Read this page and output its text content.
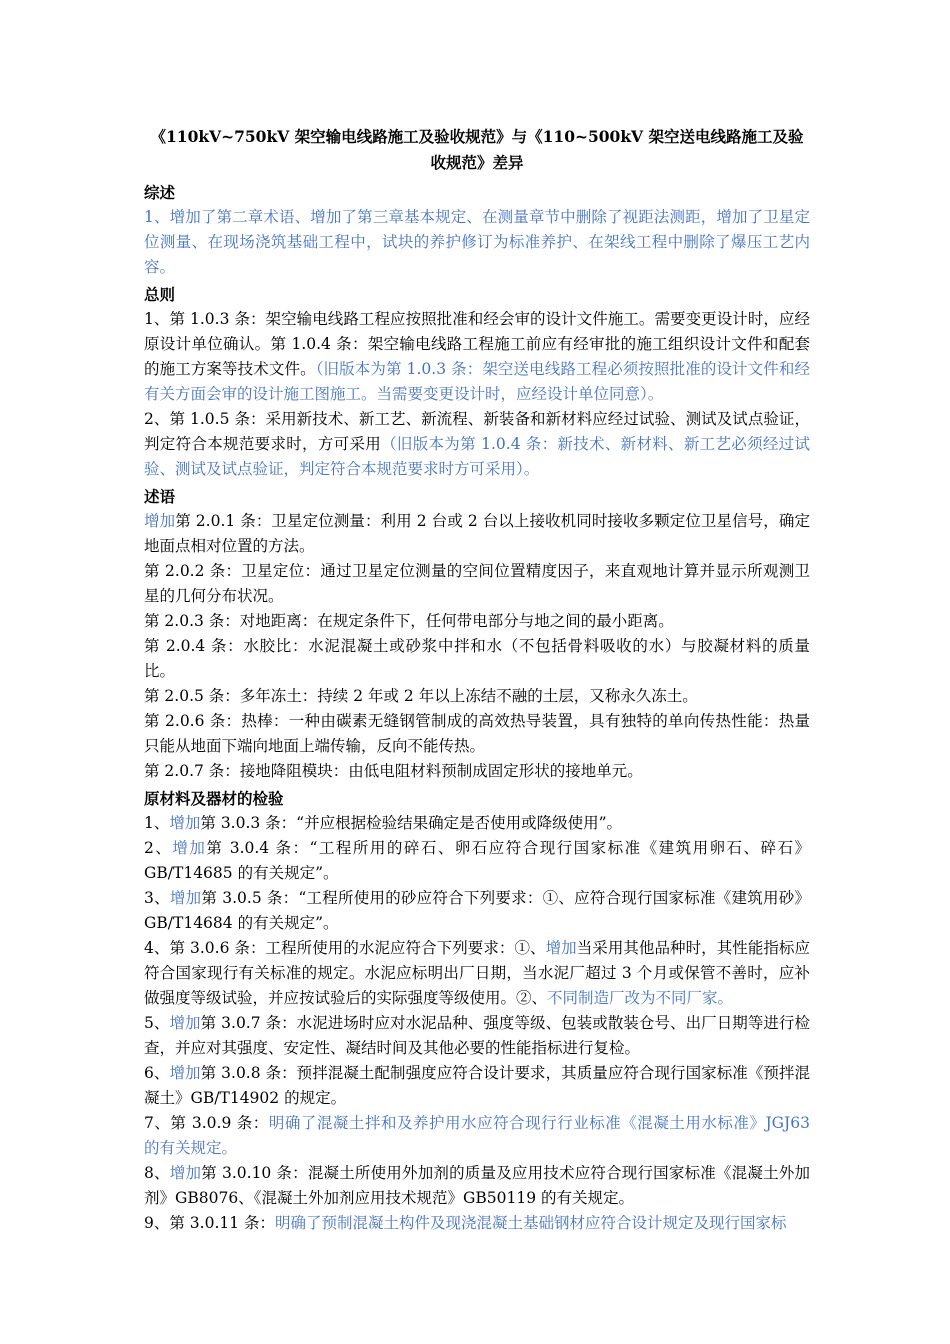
《110kV~750kV 架空输电线路施工及验收规范》与《110~500kV 架空送电线路施工及验收规范》差异
综述

1、增加了第二章术语、增加了第三章基本规定、在测量章节中删除了视距法测距，增加了卫星定位测量、在现场浇筑基础工程中，试块的养护修订为标准养护、在架线工程中删除了爆压工艺内容。

总则

1、第 1.0.3 条：架空输电线路工程应按照批准和经会审的设计文件施工。需要变更设计时，应经原设计单位确认。第 1.0.4 条：架空输电线路工程施工前应有经审批的施工组织设计文件和配套的施工方案等技术文件。（旧版本为第 1.0.3 条：架空送电线路工程必须按照批准的设计文件和经有关方面会审的设计施工图施工。当需要变更设计时，应经设计单位同意）。

2、第 1.0.5 条：采用新技术、新工艺、新流程、新装备和新材料应经过试验、测试及试点验证，判定符合本规范要求时，方可采用（旧版本为第 1.0.4 条：新技术、新材料、新工艺必须经过试验、测试及试点验证，判定符合本规范要求时方可采用）。

述语

增加第 2.0.1 条：卫星定位测量：利用 2 台或 2 台以上接收机同时接收多颗定位卫星信号，确定地面点相对位置的方法。

第 2.0.2 条：卫星定位：通过卫星定位测量的空间位置精度因子，来直观地计算并显示所观测卫星的几何分布状况。

第 2.0.3 条：对地距离：在规定条件下，任何带电部分与地之间的最小距离。

第 2.0.4 条：水胶比：水泥混凝土或砂浆中拌和水（不包括骨料吸收的水）与胶凝材料的质量比。

第 2.0.5 条：多年冻土：持续 2 年或 2 年以上冻结不融的土层，又称永久冻土。

第 2.0.6 条：热棒：一种由碳素无缝钢管制成的高效热导装置，具有独特的单向传热性能：热量只能从地面下端向地面上端传输，反向不能传热。

第 2.0.7 条：接地降阻模块：由低电阻材料预制成固定形状的接地单元。

原材料及器材的检验

1、增加第 3.0.3 条：“并应根据检验结果确定是否使用或降级使用”。

2、增加第 3.0.4 条：“工程所用的碎石、卵石应符合现行国家标准《建筑用卵石、碎石》GB/T14685 的有关规定”。

3、增加第 3.0.5 条：“工程所使用的砂应符合下列要求：①、应符合现行国家标准《建筑用砂》GB/T14684 的有关规定”。

4、第 3.0.6 条：工程所使用的水泥应符合下列要求：①、增加当采用其他品种时，其性能指标应符合国家现行有关标准的规定。水泥应标明出厂日期，当水泥厂超过 3 个月或保管不善时，应补做强度等级试验，并应按试验后的实际强度等级使用。②、不同制造厂改为不同厂家。

5、增加第 3.0.7 条：水泥进场时应对水泥品种、强度等级、包装或散装仓号、出厂日期等进行检查，并应对其强度、安定性、凝结时间及其他必要的性能指标进行复检。

6、增加第 3.0.8 条：预拌混凝土配制强度应符合设计要求，其质量应符合现行国家标准《预拌混凝土》GB/T14902 的规定。

7、第 3.0.9 条：明确了混凝土拌和及养护用水应符合现行行业标准《混凝土用水标准》JGJ63 的有关规定。

8、增加第 3.0.10 条：混凝土所使用外加剂的质量及应用技术应符合现行国家标准《混凝土外加剂》GB8076、《混凝土外加剂应用技术规范》GB50119 的有关规定。

9、第 3.0.11 条：明确了预制混凝土构件及现浇混凝土基础钢材应符合设计规定及现行国家标
